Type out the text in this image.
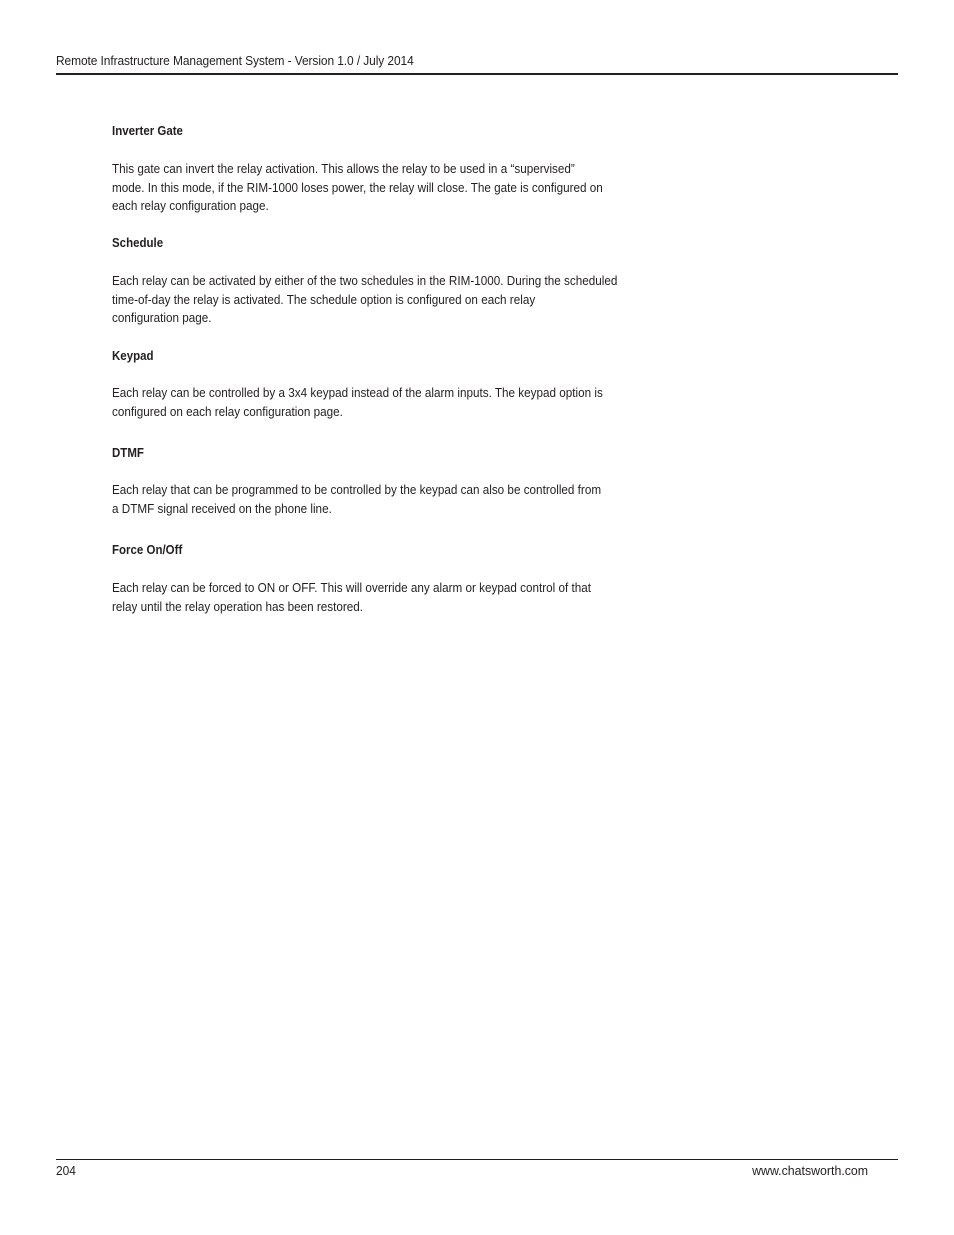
Remote Infrastructure Management System - Version 1.0 / July 2014
Inverter Gate
This gate can invert the relay activation. This allows the relay to be used in a “supervised”
mode. In this mode, if the RIM-1000 loses power, the relay will close. The gate is configured on
each relay configuration page.
Schedule
Each relay can be activated by either of the two schedules in the RIM-1000. During the scheduled
time-of-day the relay is activated. The schedule option is configured on each relay
configuration page.
Keypad
Each relay can be controlled by a 3x4 keypad instead of the alarm inputs. The keypad option is
configured on each relay configuration page.
DTMF
Each relay that can be programmed to be controlled by the keypad can also be controlled from
a DTMF signal received on the phone line.
Force On/Off
Each relay can be forced to ON or OFF. This will override any alarm or keypad control of that
relay until the relay operation has been restored.
204	www.chatsworth.com
